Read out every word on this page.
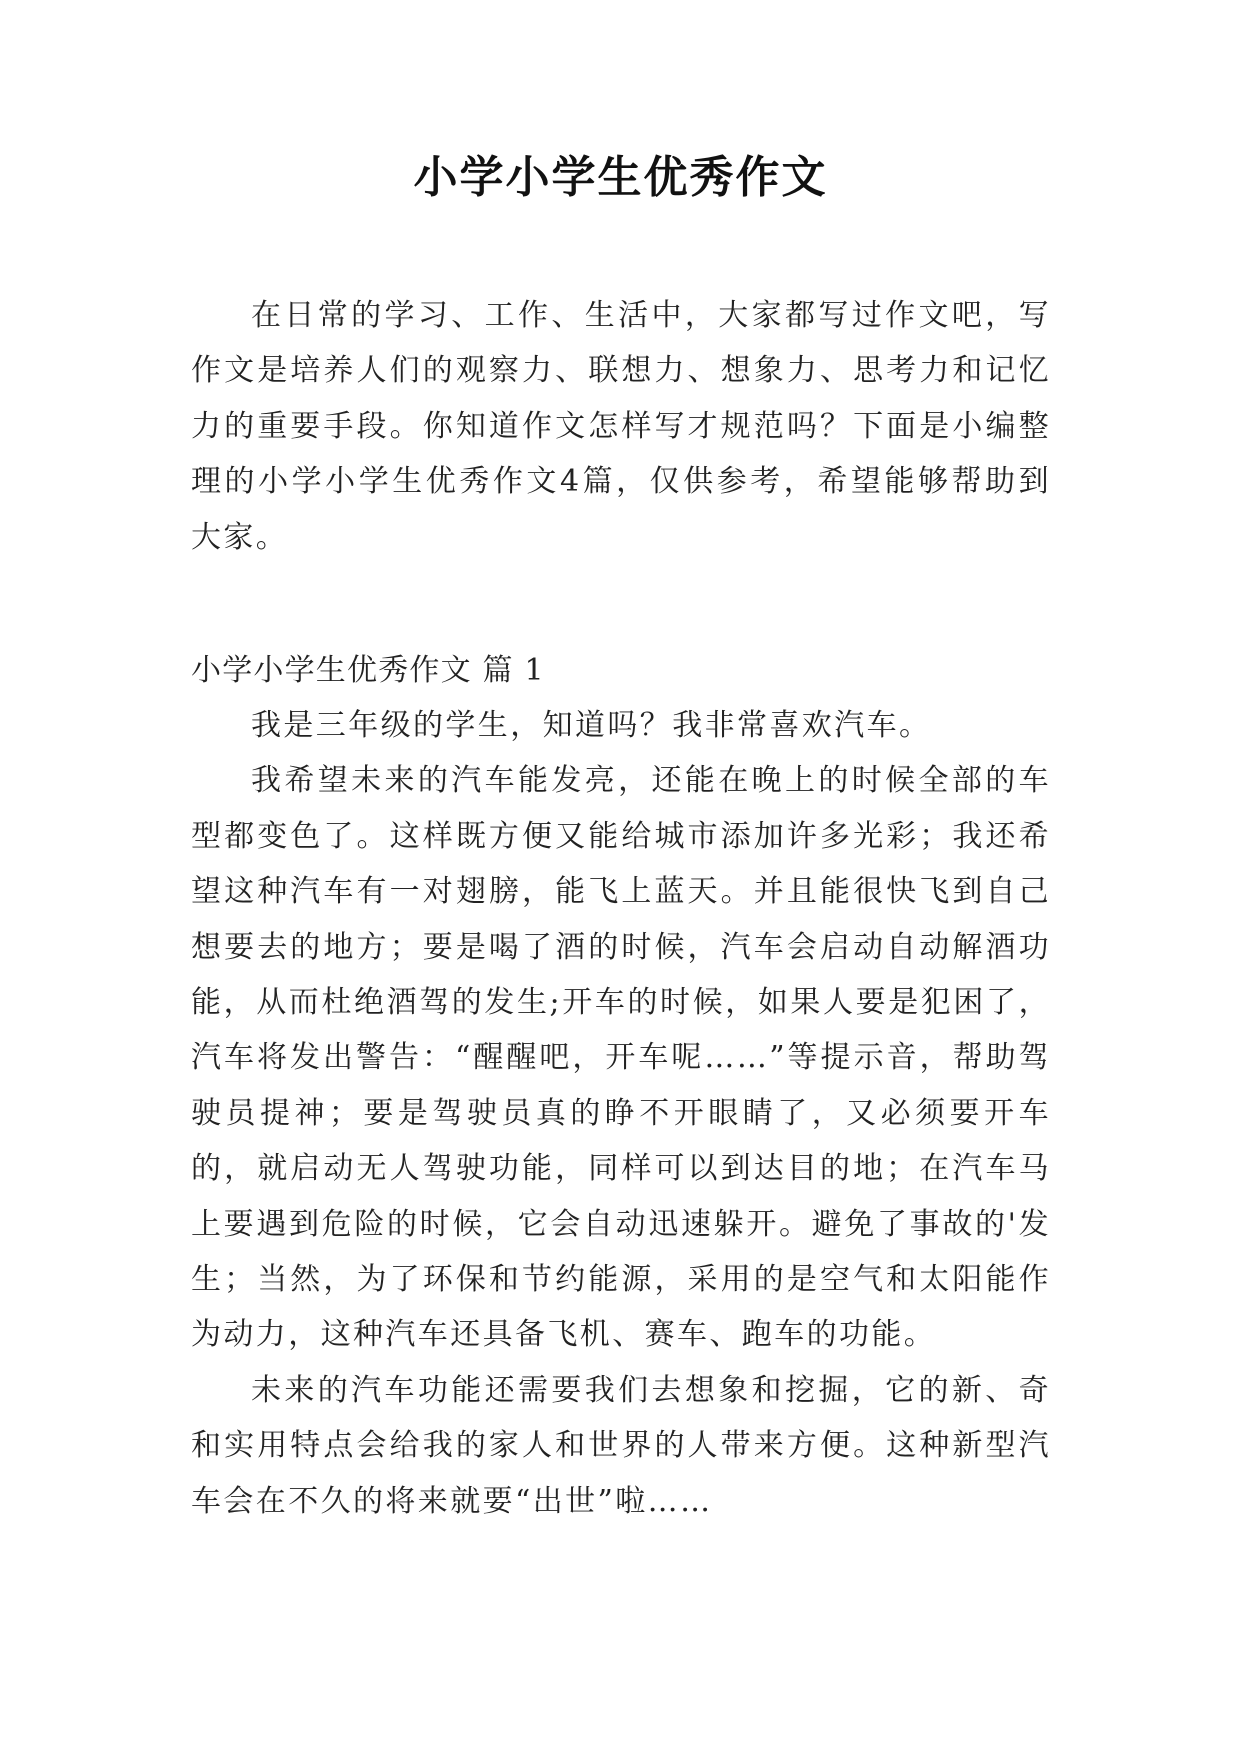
小学小学生优秀作文

在日常的学习、工作、生活中，大家都写过作文吧，写作文是培养人们的观察力、联想力、想象力、思考力和记忆力的重要手段。你知道作文怎样写才规范吗？下面是小编整理的小学小学生优秀作文4篇，仅供参考，希望能够帮助到大家。

小学小学生优秀作文 篇 1

我是三年级的学生，知道吗？我非常喜欢汽车。

我希望未来的汽车能发亮，还能在晚上的时候全部的车型都变色了。这样既方便又能给城市添加许多光彩；我还希望这种汽车有一对翅膀，能飞上蓝天。并且能很快飞到自己想要去的地方；要是喝了酒的时候，汽车会启动自动解酒功能，从而杜绝酒驾的发生;开车的时候，如果人要是犯困了，汽车将发出警告：“醒醒吧，开车呢……”等提示音，帮助驾驶员提神；要是驾驶员真的睁不开眼睛了，又必须要开车的，就启动无人驾驶功能，同样可以到达目的地；在汽车马上要遇到危险的时候，它会自动迅速躲开。避免了事故的'发生；当然，为了环保和节约能源，采用的是空气和太阳能作为动力，这种汽车还具备飞机、赛车、跑车的功能。

未来的汽车功能还需要我们去想象和挖掘，它的新、奇和实用特点会给我的家人和世界的人带来方便。这种新型汽车会在不久的将来就要“出世”啦……
